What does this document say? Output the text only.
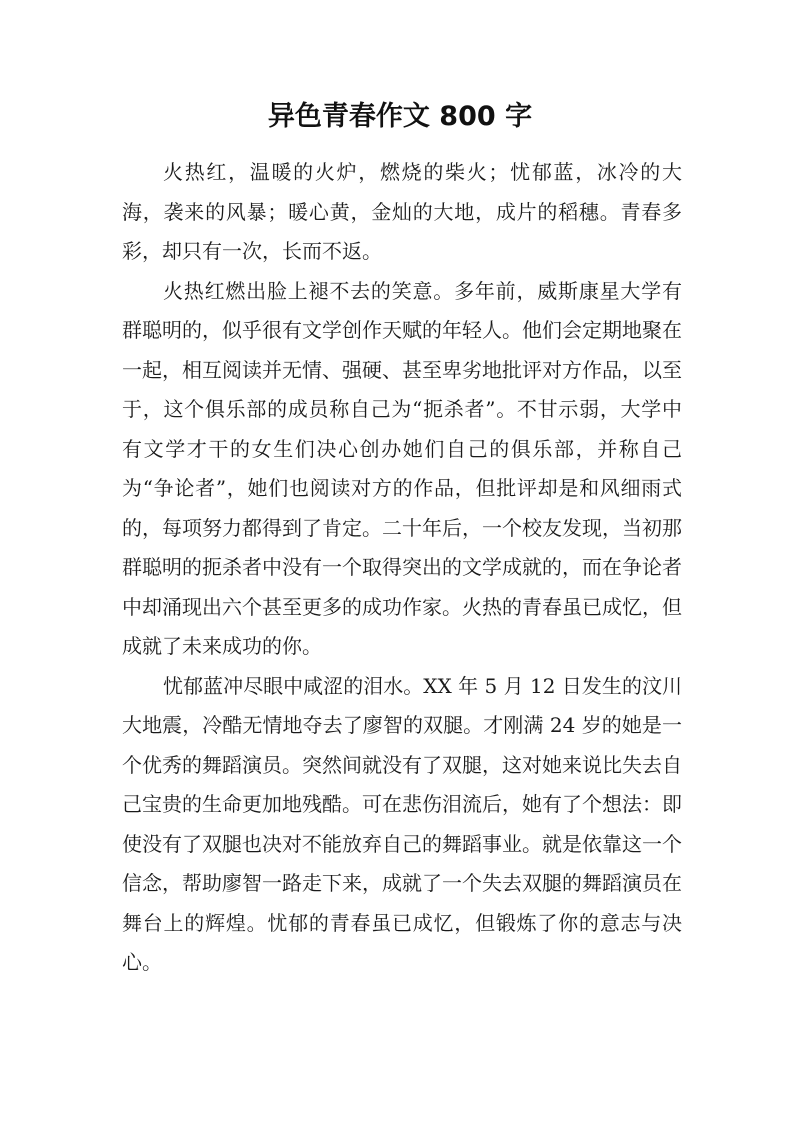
异色青春作文 800 字

火热红，温暖的火炉，燃烧的柴火；忧郁蓝，冰冷的大海，袭来的风暴；暖心黄，金灿的大地，成片的稻穗。青春多彩，却只有一次，长而不返。

火热红燃出脸上褪不去的笑意。多年前，威斯康星大学有群聪明的，似乎很有文学创作天赋的年轻人。他们会定期地聚在一起，相互阅读并无情、强硬、甚至卑劣地批评对方作品，以至于，这个俱乐部的成员称自己为“扼杀者”。不甘示弱，大学中有文学才干的女生们决心创办她们自己的俱乐部，并称自己为“争论者”，她们也阅读对方的作品，但批评却是和风细雨式的，每项努力都得到了肯定。二十年后，一个校友发现，当初那群聪明的扼杀者中没有一个取得突出的文学成就的，而在争论者中却涌现出六个甚至更多的成功作家。火热的青春虽已成忆，但成就了未来成功的你。

忧郁蓝冲尽眼中咸涩的泪水。XX 年 5 月 12 日发生的汶川大地震，冷酷无情地夺去了廖智的双腿。才刚满 24 岁的她是一个优秀的舞蹈演员。突然间就没有了双腿，这对她来说比失去自己宝贵的生命更加地残酷。可在悲伤泪流后，她有了个想法：即使没有了双腿也决对不能放弃自己的舞蹈事业。就是依靠这一个信念，帮助廖智一路走下来，成就了一个失去双腿的舞蹈演员在舞台上的辉煌。忧郁的青春虽已成忆，但锻炼了你的意志与决心。
